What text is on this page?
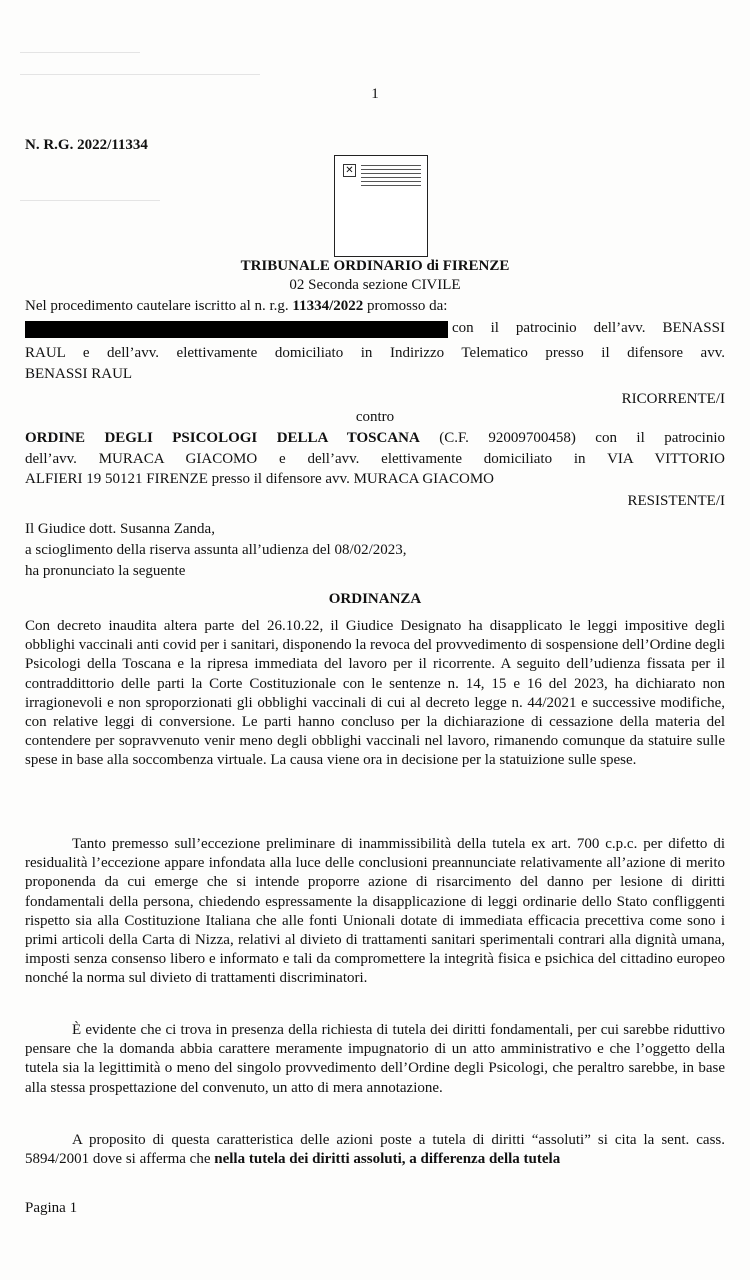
1
N. R.G. 2022/11334
✕
TRIBUNALE ORDINARIO di FIRENZE
02 Seconda sezione CIVILE
Nel procedimento cautelare iscritto al n. r.g. 11334/2022 promosso da:
con il patrocinio dell’avv. BENASSI
RAUL e dell’avv. elettivamente domiciliato in Indirizzo Telematico presso il difensore avv.
BENASSI RAUL
RICORRENTE/I
contro
ORDINE DEGLI PSICOLOGI DELLA TOSCANA (C.F. 92009700458) con il patrocinio
dell’avv. MURACA GIACOMO e dell’avv. elettivamente domiciliato in VIA VITTORIO
ALFIERI 19 50121 FIRENZE presso il difensore avv. MURACA GIACOMO
RESISTENTE/I
Il Giudice dott. Susanna Zanda,
a scioglimento della riserva assunta all’udienza del 08/02/2023,
ha pronunciato la seguente
ORDINANZA

Con decreto inaudita altera parte del 26.10.22, il Giudice Designato ha disapplicato le leggi impositive degli obblighi vaccinali anti covid per i sanitari, disponendo la revoca del provvedimento di sospensione dell’Ordine degli Psicologi della Toscana e la ripresa immediata del lavoro per il ricorrente. A seguito dell’udienza fissata per il contraddittorio delle parti la Corte Costituzionale con le sentenze n. 14, 15 e 16 del 2023, ha dichiarato non irragionevoli e non sproporzionati gli obblighi vaccinali di cui al decreto legge n. 44/2021 e successive modifiche, con relative leggi di conversione. Le parti hanno concluso per la dichiarazione di cessazione della materia del contendere per sopravvenuto venir meno degli obblighi vaccinali nel lavoro, rimanendo comunque da statuire sulle spese in base alla soccombenza virtuale. La causa viene ora in decisione per la statuizione sulle spese.

Tanto premesso sull’eccezione preliminare di inammissibilità della tutela ex art. 700 c.p.c. per difetto di residualità l’eccezione appare infondata alla luce delle conclusioni preannunciate relativamente all’azione di merito proponenda da cui emerge che si intende proporre azione di risarcimento del danno per lesione di diritti fondamentali della persona, chiedendo espressamente la disapplicazione di leggi ordinarie dello Stato confliggenti rispetto sia alla Costituzione Italiana che alle fonti Unionali dotate di immediata efficacia precettiva come sono i primi articoli della Carta di Nizza, relativi al divieto di trattamenti sanitari sperimentali contrari alla dignità umana, imposti senza consenso libero e informato e tali da compromettere la integrità fisica e psichica del cittadino europeo nonché la norma sul divieto di trattamenti discriminatori.

È evidente che ci trova in presenza della richiesta di tutela dei diritti fondamentali, per cui sarebbe riduttivo pensare che la domanda abbia carattere meramente impugnatorio di un atto amministrativo e che l’oggetto della tutela sia la legittimità o meno del singolo provvedimento dell’Ordine degli Psicologi, che peraltro sarebbe, in base alla stessa prospettazione del convenuto, un atto di mera annotazione.

A proposito di questa caratteristica delle azioni poste a tutela di diritti “assoluti” si cita la sent. cass. 5894/2001 dove si afferma che nella tutela dei diritti assoluti, a differenza della tutela

Pagina 1
